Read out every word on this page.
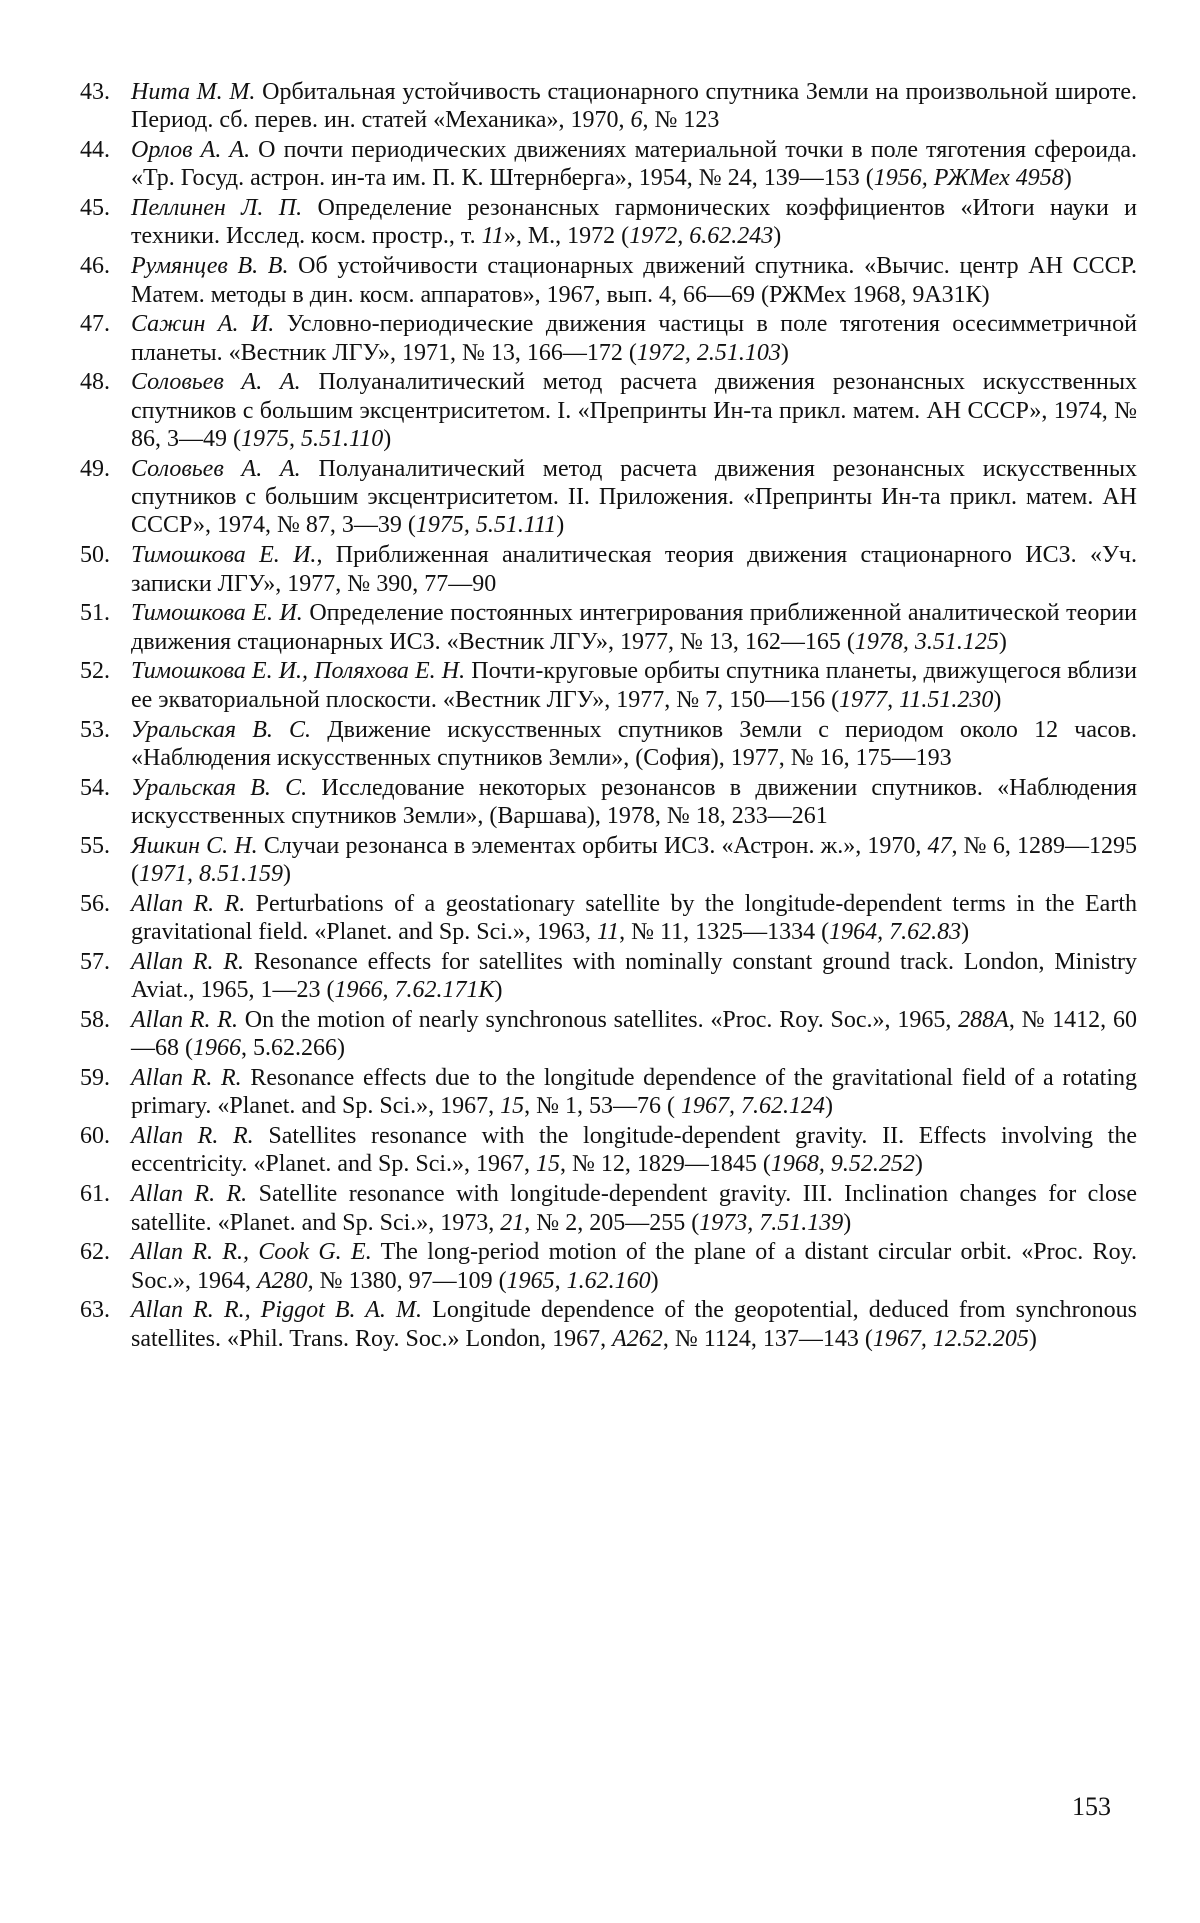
43. Нита М. М. Орбитальная устойчивость стационарного спутника Земли на произвольной широте. Период. сб. перев. ин. статей «Механика», 1970, 6, № 123
44. Орлов А. А. О почти периодических движениях материальной точки в поле тяготения сфероида. «Тр. Госуд. астрон. ин-та им. П. К. Штернберга», 1954, № 24, 139—153 (1956, РЖМех 4958)
45. Пеллинен Л. П. Определение резонансных гармонических коэффициентов «Итоги науки и техники. Исслед. косм. простр., т. 11», М., 1972 (1972, 6.62.243)
46. Румянцев В. В. Об устойчивости стационарных движений спутника. «Вычис. центр АН СССР. Матем. методы в дин. косм. аппаратов», 1967, вып. 4, 66—69 (РЖМех 1968, 9А31К)
47. Сажин А. И. Условно-периодические движения частицы в поле тяготения осесимметричной планеты. «Вестник ЛГУ», 1971, № 13, 166—172 (1972, 2.51.103)
48. Соловьев А. А. Полуаналитический метод расчета движения резонансных искусственных спутников с большим эксцентриситетом. I. «Препринты Ин-та прикл. матем. АН СССР», 1974, № 86, 3—49 (1975, 5.51.110)
49. Соловьев А. А. Полуаналитический метод расчета движения резонансных искусственных спутников с большим эксцентриситетом. II. Приложения. «Препринты Ин-та прикл. матем. АН СССР», 1974, № 87, 3—39 (1975, 5.51.111)
50. Тимошкова Е. И., Приближенная аналитическая теория движения стационарного ИСЗ. «Уч. записки ЛГУ», 1977, № 390, 77—90
51. Тимошкова Е. И. Определение постоянных интегрирования приближенной аналитической теории движения стационарных ИСЗ. «Вестник ЛГУ», 1977, № 13, 162—165 (1978, 3.51.125)
52. Тимошкова Е. И., Поляхова Е. Н. Почти-круговые орбиты спутника планеты, движущегося вблизи ее экваториальной плоскости. «Вестник ЛГУ», 1977, № 7, 150—156 (1977, 11.51.230)
53. Уральская В. С. Движение искусственных спутников Земли с периодом около 12 часов. «Наблюдения искусственных спутников Земли», (София), 1977, № 16, 175—193
54. Уральская В. С. Исследование некоторых резонансов в движении спутников. «Наблюдения искусственных спутников Земли», (Варшава), 1978, № 18, 233—261
55. Яшкин С. Н. Случаи резонанса в элементах орбиты ИСЗ. «Астрон. ж.», 1970, 47, № 6, 1289—1295 (1971, 8.51.159)
56. Allan R. R. Perturbations of a geostationary satellite by the longitude-dependent terms in the Earth gravitational field. «Planet. and Sp. Sci.», 1963, 11, № 11, 1325—1334 (1964, 7.62.83)
57. Allan R. R. Resonance effects for satellites with nominally constant ground track. London, Ministry Aviat., 1965, 1—23 (1966, 7.62.171К)
58. Allan R. R. On the motion of nearly synchronous satellites. «Proc. Roy. Soc.», 1965, 288A, № 1412, 60—68 (1966, 5.62.266)
59. Allan R. R. Resonance effects due to the longitude dependence of the gravitational field of a rotating primary. «Planet. and Sp. Sci.», 1967, 15, № 1, 53—76 ( 1967, 7.62.124)
60. Allan R. R. Satellites resonance with the longitude-dependent gravity. II. Effects involving the eccentricity. «Planet. and Sp. Sci.», 1967, 15, № 12, 1829—1845 (1968, 9.52.252)
61. Allan R. R. Satellite resonance with longitude-dependent gravity. III. Inclination changes for close satellite. «Planet. and Sp. Sci.», 1973, 21, № 2, 205—255 (1973, 7.51.139)
62. Allan R. R., Cook G. E. The long-period motion of the plane of a distant circular orbit. «Proc. Roy. Soc.», 1964, A280, № 1380, 97—109 (1965, 1.62.160)
63. Allan R. R., Piggot B. A. M. Longitude dependence of the geopotential, deduced from synchronous satellites. «Phil. Trans. Roy. Soc.» London, 1967, A262, № 1124, 137—143 (1967, 12.52.205)
153
